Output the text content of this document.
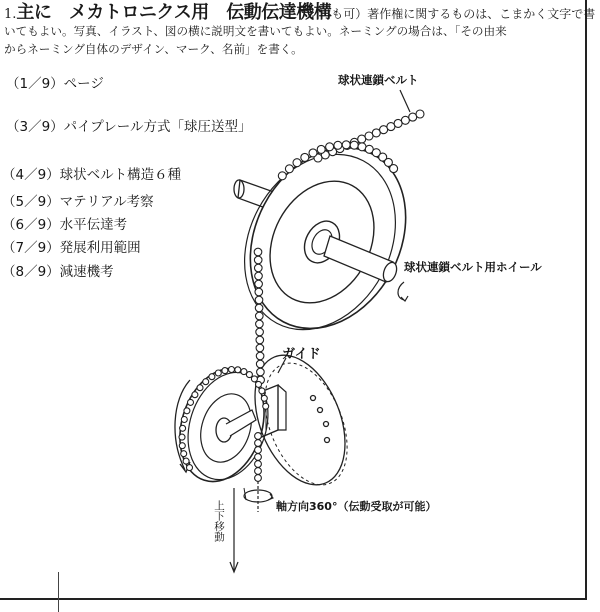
1.主に　メカトロニクス用　伝動伝達機構も可）著作権に関するものは、こまかく文字で書
いてもよい。写真、イラスト、図の横に説明文を書いてもよい。ネーミングの場合は、「その由来
からネーミング自体のデザイン、マーク、名前」を書く。
（1／9）ページ
（3／9）パイプレール方式「球圧送型」
（4／9）球状ベルト構造６種
（5／9）マテリアル考察
（6／9）水平伝達考
（7／9）発展利用範囲
（8／9）減速機考
球状連鎖ベルト
球状連鎖ベルト用ホイール
ガイド
軸方向360°（伝動受取が可能）
上下移動
